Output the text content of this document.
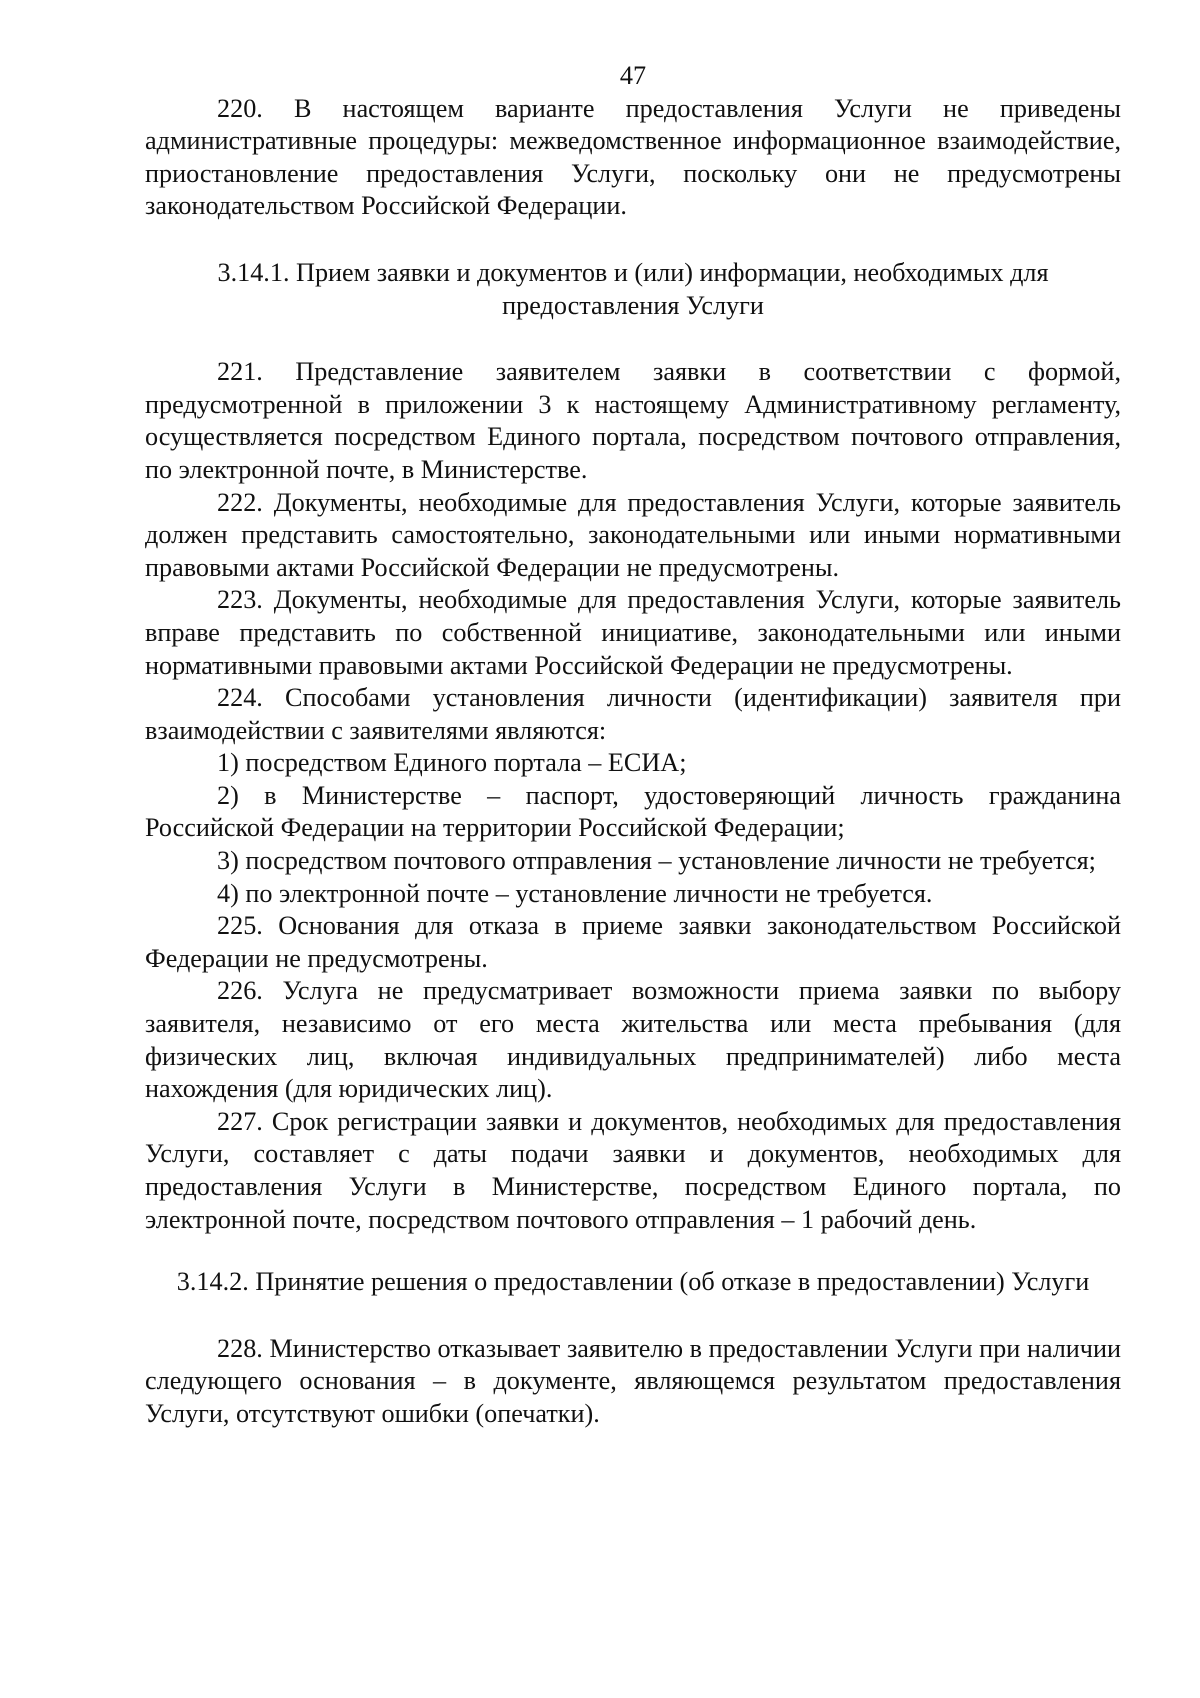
47

220. В настоящем варианте предоставления Услуги не приведены административные процедуры: межведомственное информационное взаимодействие, приостановление предоставления Услуги, поскольку они не предусмотрены законодательством Российской Федерации.

3.14.1. Прием заявки и документов и (или) информации, необходимых для предоставления Услуги

221. Представление заявителем заявки в соответствии с формой, предусмотренной в приложении 3 к настоящему Административному регламенту, осуществляется посредством Единого портала, посредством почтового отправления, по электронной почте, в Министерстве.

222. Документы, необходимые для предоставления Услуги, которые заявитель должен представить самостоятельно, законодательными или иными нормативными правовыми актами Российской Федерации не предусмотрены.

223. Документы, необходимые для предоставления Услуги, которые заявитель вправе представить по собственной инициативе, законодательными или иными нормативными правовыми актами Российской Федерации не предусмотрены.

224. Способами установления личности (идентификации) заявителя при взаимодействии с заявителями являются:

1) посредством Единого портала – ЕСИА;

2) в Министерстве – паспорт, удостоверяющий личность гражданина Российской Федерации на территории Российской Федерации;

3) посредством почтового отправления – установление личности не требуется;

4) по электронной почте – установление личности не требуется.

225. Основания для отказа в приеме заявки законодательством Российской Федерации не предусмотрены.

226. Услуга не предусматривает возможности приема заявки по выбору заявителя, независимо от его места жительства или места пребывания (для физических лиц, включая индивидуальных предпринимателей) либо места нахождения (для юридических лиц).

227. Срок регистрации заявки и документов, необходимых для предоставления Услуги, составляет с даты подачи заявки и документов, необходимых для предоставления Услуги в Министерстве, посредством Единого портала, по электронной почте, посредством почтового отправления – 1 рабочий день.

3.14.2. Принятие решения о предоставлении (об отказе в предоставлении) Услуги

228. Министерство отказывает заявителю в предоставлении Услуги при наличии следующего основания – в документе, являющемся результатом предоставления Услуги, отсутствуют ошибки (опечатки).
